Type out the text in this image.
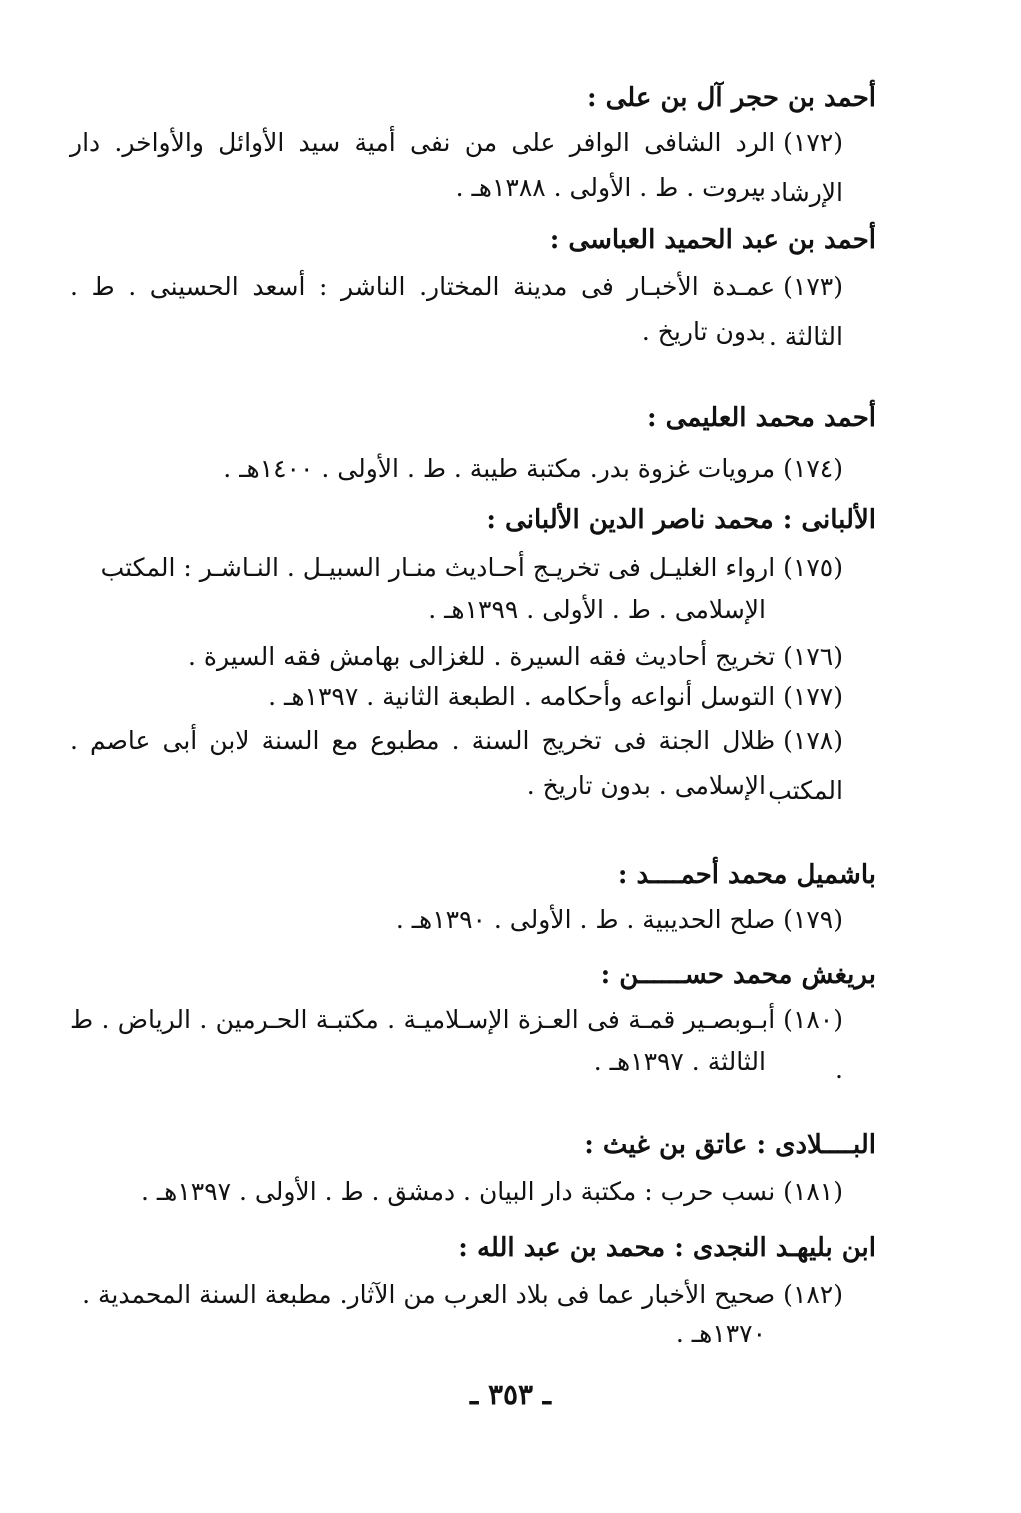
أحمد بن حجر آل بن على :
(١٧٢)الرد الشافى الوافر على من نفى أمية سيد الأوائل والأواخر. دار الإرشاد .
بيروت . ط . الأولى . ١٣٨٨هـ .
أحمد بن عبد الحميد العباسى :
(١٧٣)عمـدة الأخبـار فى مدينة المختار. الناشر : أسعد الحسينى . ط . الثالثة .
بدون تاريخ .
أحمد محمد العليمى :
(١٧٤)مرويات غزوة بدر. مكتبة طيبة . ط . الأولى . ١٤٠٠هـ .
الألبانى : محمد ناصر الدين الألبانى :
(١٧٥)ارواء الغليـل فى تخريـج أحـاديث منـار السبيـل . النـاشـر : المكتب
الإسلامى . ط . الأولى . ١٣٩٩هـ .
(١٧٦)تخريج أحاديث فقه السيرة . للغزالى بهامش فقه السيرة .
(١٧٧)التوسل أنواعه وأحكامه . الطبعة الثانية . ١٣٩٧هـ .
(١٧٨)ظلال الجنة فى تخريج السنة . مطبوع مع السنة لابن أبى عاصم . المكتب
الإسلامى . بدون تاريخ .
باشميل محمد أحمــــد :
(١٧٩)صلح الحديبية . ط . الأولى . ١٣٩٠هـ .
بريغش محمد حســــــن :
(١٨٠)أبـوبصـير قمـة فى العـزة الإسـلاميـة . مكتبـة الحـرمين . الرياض . ط .
الثالثة . ١٣٩٧هـ .
البــــلادى : عاتق بن غيث :
(١٨١)نسب حرب : مكتبة دار البيان . دمشق . ط . الأولى . ١٣٩٧هـ .
ابن بليهـد النجدى : محمد بن عبد الله :
(١٨٢)صحيح الأخبار عما فى بلاد العرب من الآثار. مطبعة السنة المحمدية .
١٣٧٠هـ .
ـ ٣٥٣ ـ
